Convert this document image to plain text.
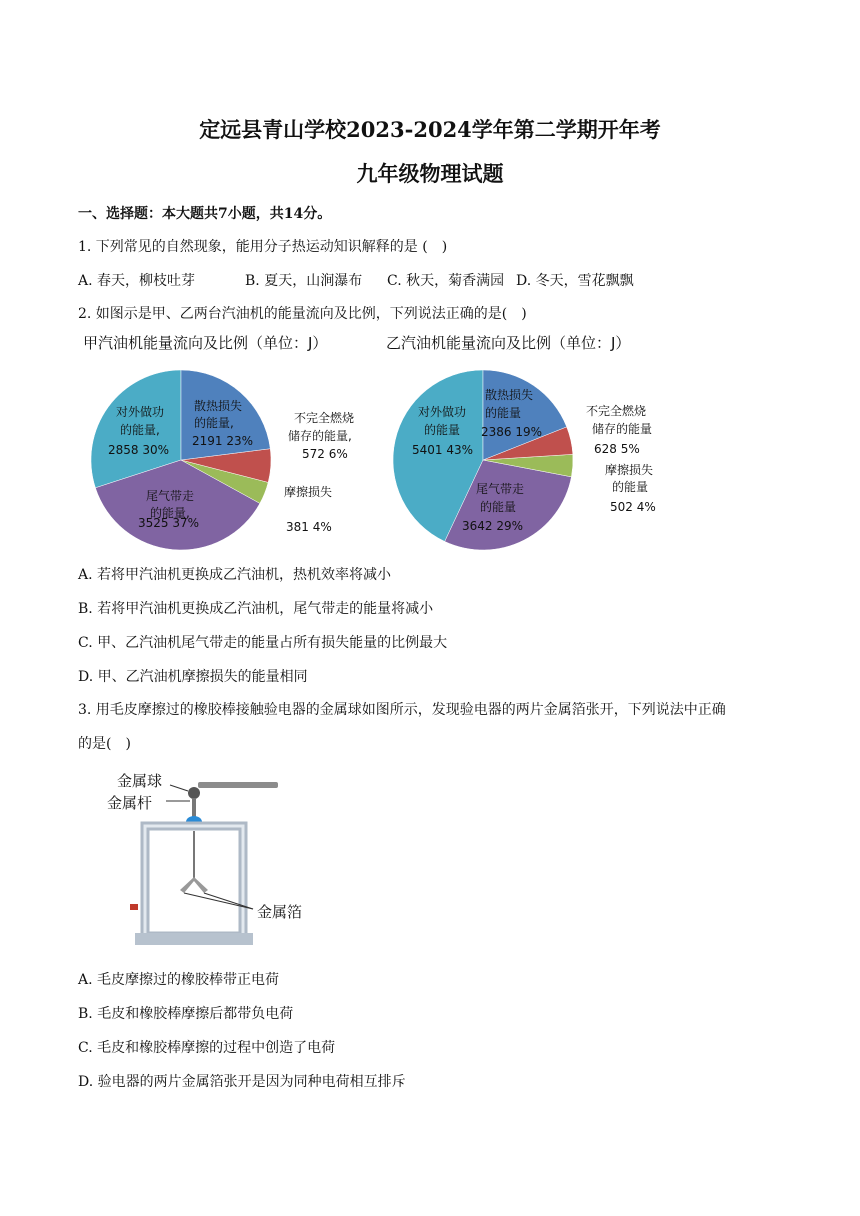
定远县青山学校2023-2024学年第二学期开年考
九年级物理试题
一、选择题：本大题共7小题，共14分。
1. 下列常见的自然现象，能用分子热运动知识解释的是 (　)
A. 春天，柳枝吐芽	B. 夏天，山涧瀑布 C. 秋天，菊香满园 D. 冬天，雪花飘飘
2. 如图示是甲、乙两台汽油机的能量流向及比例，下列说法正确的是(　)
甲汽油机能量流向及比例（单位：J）
散热损失
的能量,
2191 23%
不完全燃烧
储存的能量,
572 6%
摩擦损失
381 4%
尾气带走
的能量,
3525 37%
对外做功
的能量,
2858 30%
乙汽油机能量流向及比例（单位：J）
散热损失
的能量
2386 19%
不完全燃烧
储存的能量
628 5%
摩擦损失
的能量
502 4%
尾气带走
的能量
3642 29%
对外做功
的能量
5401 43%
A. 若将甲汽油机更换成乙汽油机，热机效率将减小
B. 若将甲汽油机更换成乙汽油机，尾气带走的能量将减小
C. 甲、乙汽油机尾气带走的能量占所有损失能量的比例最大
D. 甲、乙汽油机摩擦损失的能量相同
3. 用毛皮摩擦过的橡胶棒接触验电器的金属球如图所示，发现验电器的两片金属箔张开，下列说法中正确
的是(　)
金属球
金属杆
金属箔
A. 毛皮摩擦过的橡胶棒带正电荷
B. 毛皮和橡胶棒摩擦后都带负电荷
C. 毛皮和橡胶棒摩擦的过程中创造了电荷
D. 验电器的两片金属箔张开是因为同种电荷相互排斥
